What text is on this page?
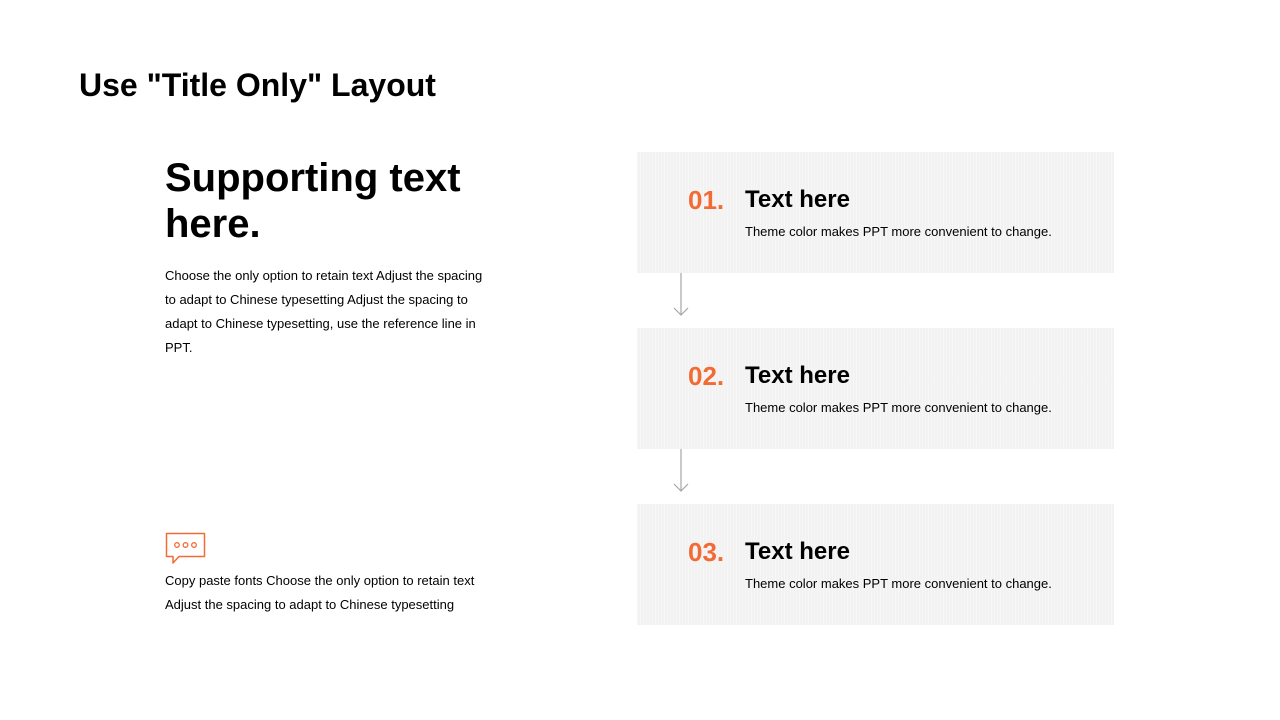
Use "Title Only" Layout
Supporting text here.

Choose the only option to retain text Adjust the spacing to adapt to Chinese typesetting Adjust the spacing to adapt to Chinese typesetting, use the reference line in PPT.

Copy paste fonts Choose the only option to retain text Adjust the spacing to adapt to Chinese typesetting

01. Text here
Theme color makes PPT more convenient to change.
02. Text here
Theme color makes PPT more convenient to change.
03. Text here
Theme color makes PPT more convenient to change.
